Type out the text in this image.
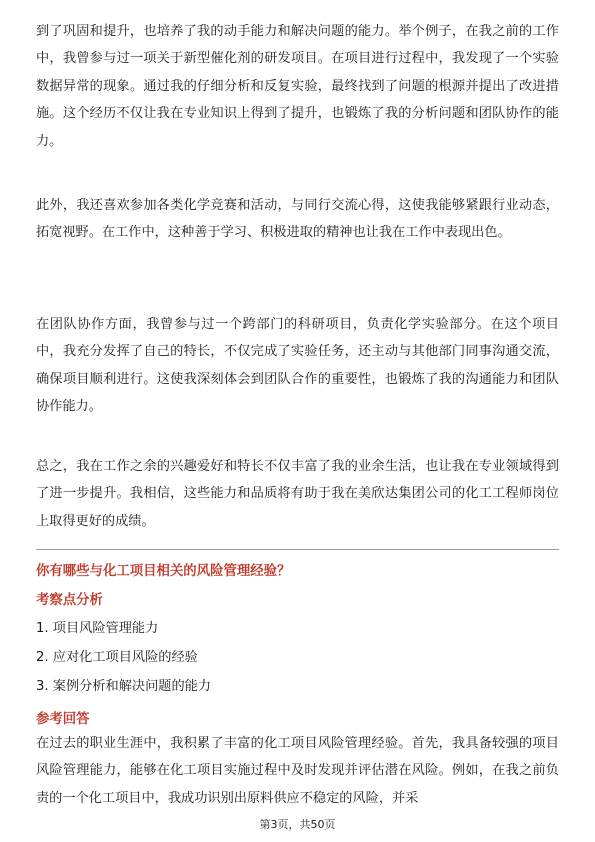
到了巩固和提升，也培养了我的动手能力和解决问题的能力。举个例子，在我之前的工作中，我曾参与过一项关于新型催化剂的研发项目。在项目进行过程中，我发现了一个实验数据异常的现象。通过我的仔细分析和反复实验，最终找到了问题的根源并提出了改进措施。这个经历不仅让我在专业知识上得到了提升，也锻炼了我的分析问题和团队协作的能力。

此外，我还喜欢参加各类化学竞赛和活动，与同行交流心得，这使我能够紧跟行业动态，拓宽视野。在工作中，这种善于学习、积极进取的精神也让我在工作中表现出色。

在团队协作方面，我曾参与过一个跨部门的科研项目，负责化学实验部分。在这个项目中，我充分发挥了自己的特长，不仅完成了实验任务，还主动与其他部门同事沟通交流，确保项目顺利进行。这使我深刻体会到团队合作的重要性，也锻炼了我的沟通能力和团队协作能力。

总之，我在工作之余的兴趣爱好和特长不仅丰富了我的业余生活，也让我在专业领域得到了进一步提升。我相信，这些能力和品质将有助于我在美欣达集团公司的化工工程师岗位上取得更好的成绩。

你有哪些与化工项目相关的风险管理经验？

考察点分析

1. 项目风险管理能力

2. 应对化工项目风险的经验

3. 案例分析和解决问题的能力

参考回答

在过去的职业生涯中，我积累了丰富的化工项目风险管理经验。首先，我具备较强的项目风险管理能力，能够在化工项目实施过程中及时发现并评估潜在风险。例如，在我之前负责的一个化工项目中，我成功识别出原料供应不稳定的风险，并采

第3页，共50页
